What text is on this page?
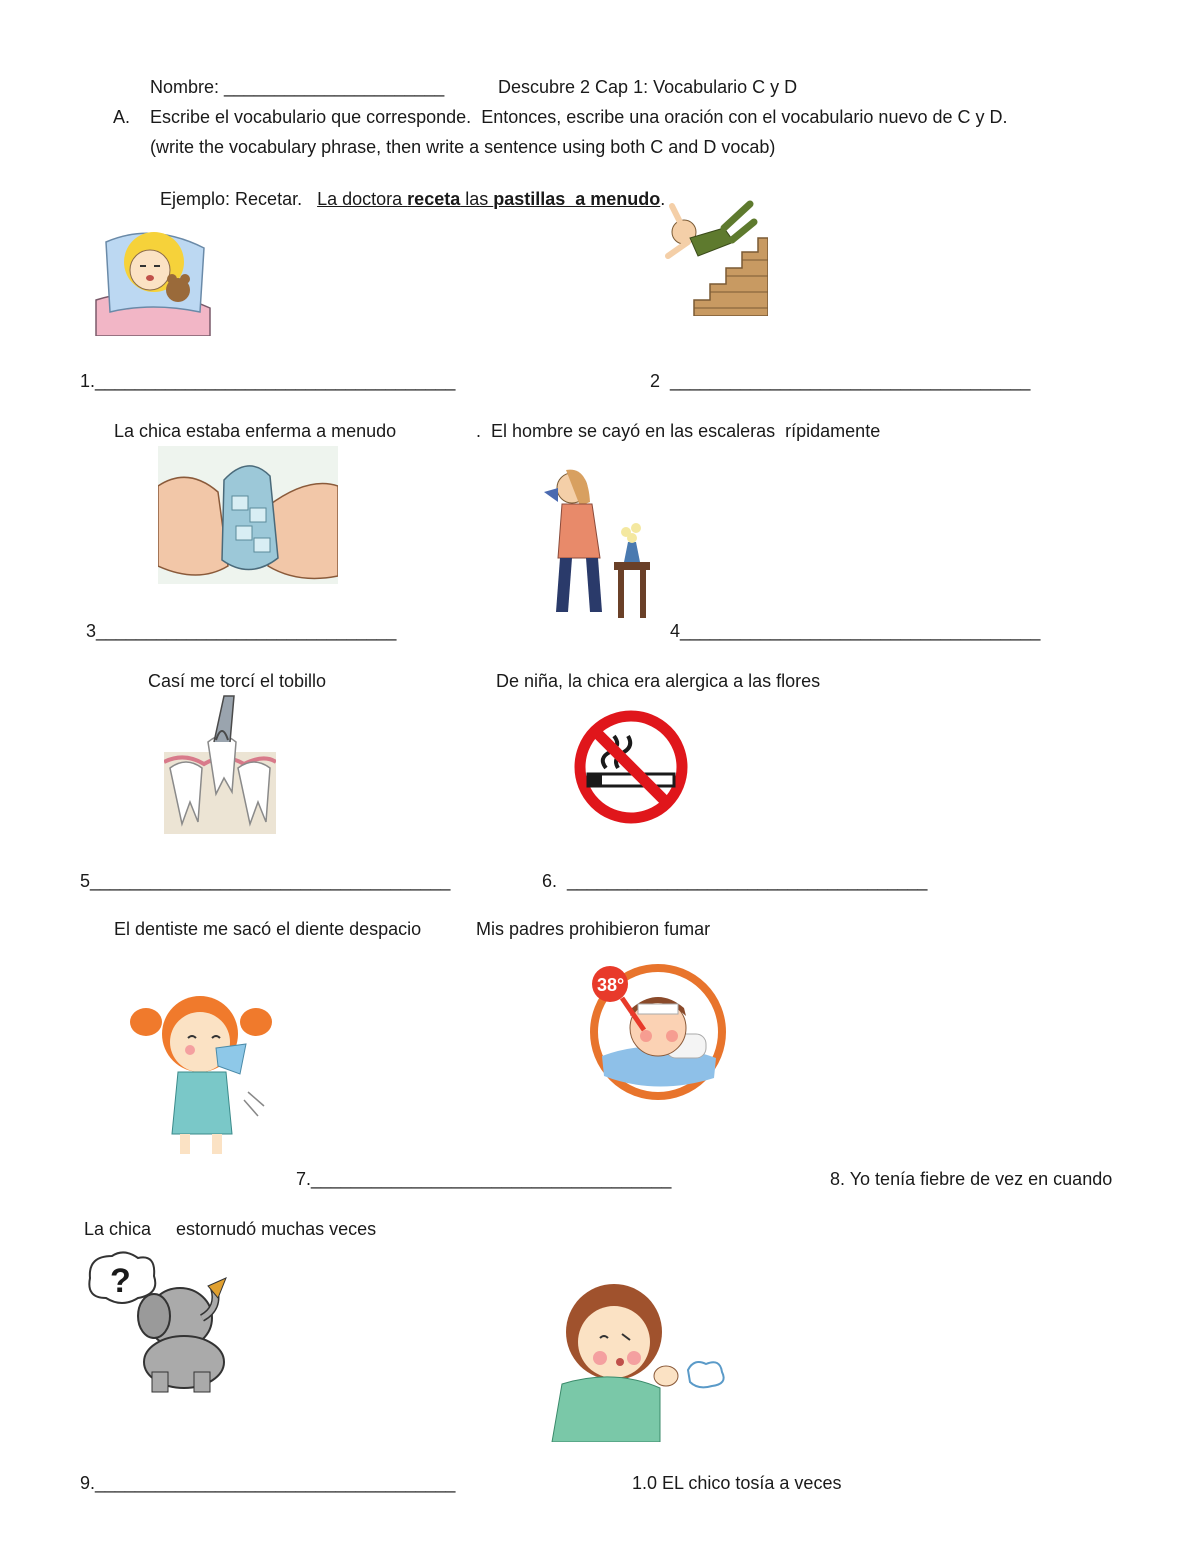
Nombre: ______________________	Descubre 2 Cap 1: Vocabulario C y D
A. Escribe el vocabulario que corresponde.  Entonces, escribe una oración con el vocabulario nuevo de C y D.
(write the vocabulary phrase, then write a sentence using both C and D vocab)

Ejemplo: Recetar. La doctora receta las pastillas  a menudo.

1.____________________________________	2  ____________________________________
La chica estaba enferma a menudo	.  El hombre se cayó en las escaleras  rípidamente
3______________________________	4____________________________________
Casí me torcí el tobillo	De niña, la chica era alergica a las flores
5____________________________________	6.  ____________________________________
El dentiste me sacó el diente despacio	Mis padres prohibieron fumar
38°
7.____________________________________	8. Yo tenía fiebre de vez en cuando
La chica     estornudó muchas veces
?
9.____________________________________	1.0 EL chico tosía a veces
